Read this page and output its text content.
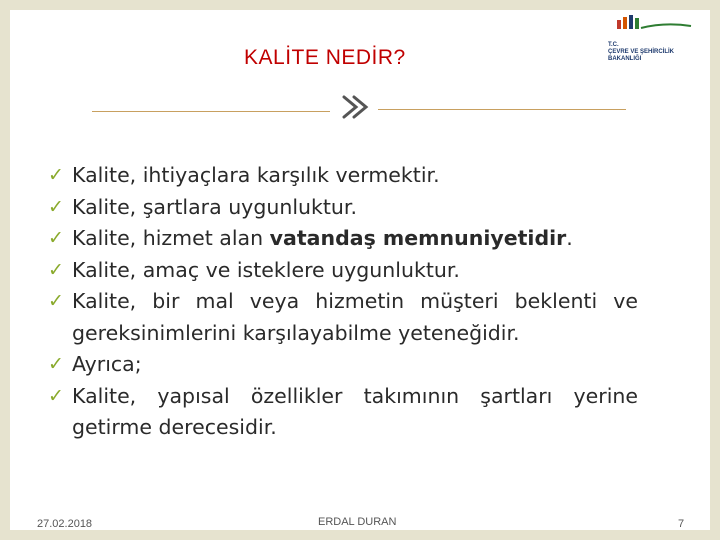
KALİTE NEDİR?
T.C.
ÇEVRE VE ŞEHİRCİLİK
BAKANLIĞI
✓ Kalite, ihtiyaçlara karşılık vermektir.
✓ Kalite, şartlara uygunluktur.
✓ Kalite, hizmet alan vatandaş memnuniyetidir.
✓ Kalite, amaç ve isteklere uygunluktur.
✓ Kalite, bir mal veya hizmetin müşteri beklenti ve gereksinimlerini karşılayabilme yeteneğidir.
✓ Ayrıca;
✓ Kalite, yapısal özellikler takımının şartları yerine getirme derecesidir.
27.02.2018	ERDAL DURAN	7
